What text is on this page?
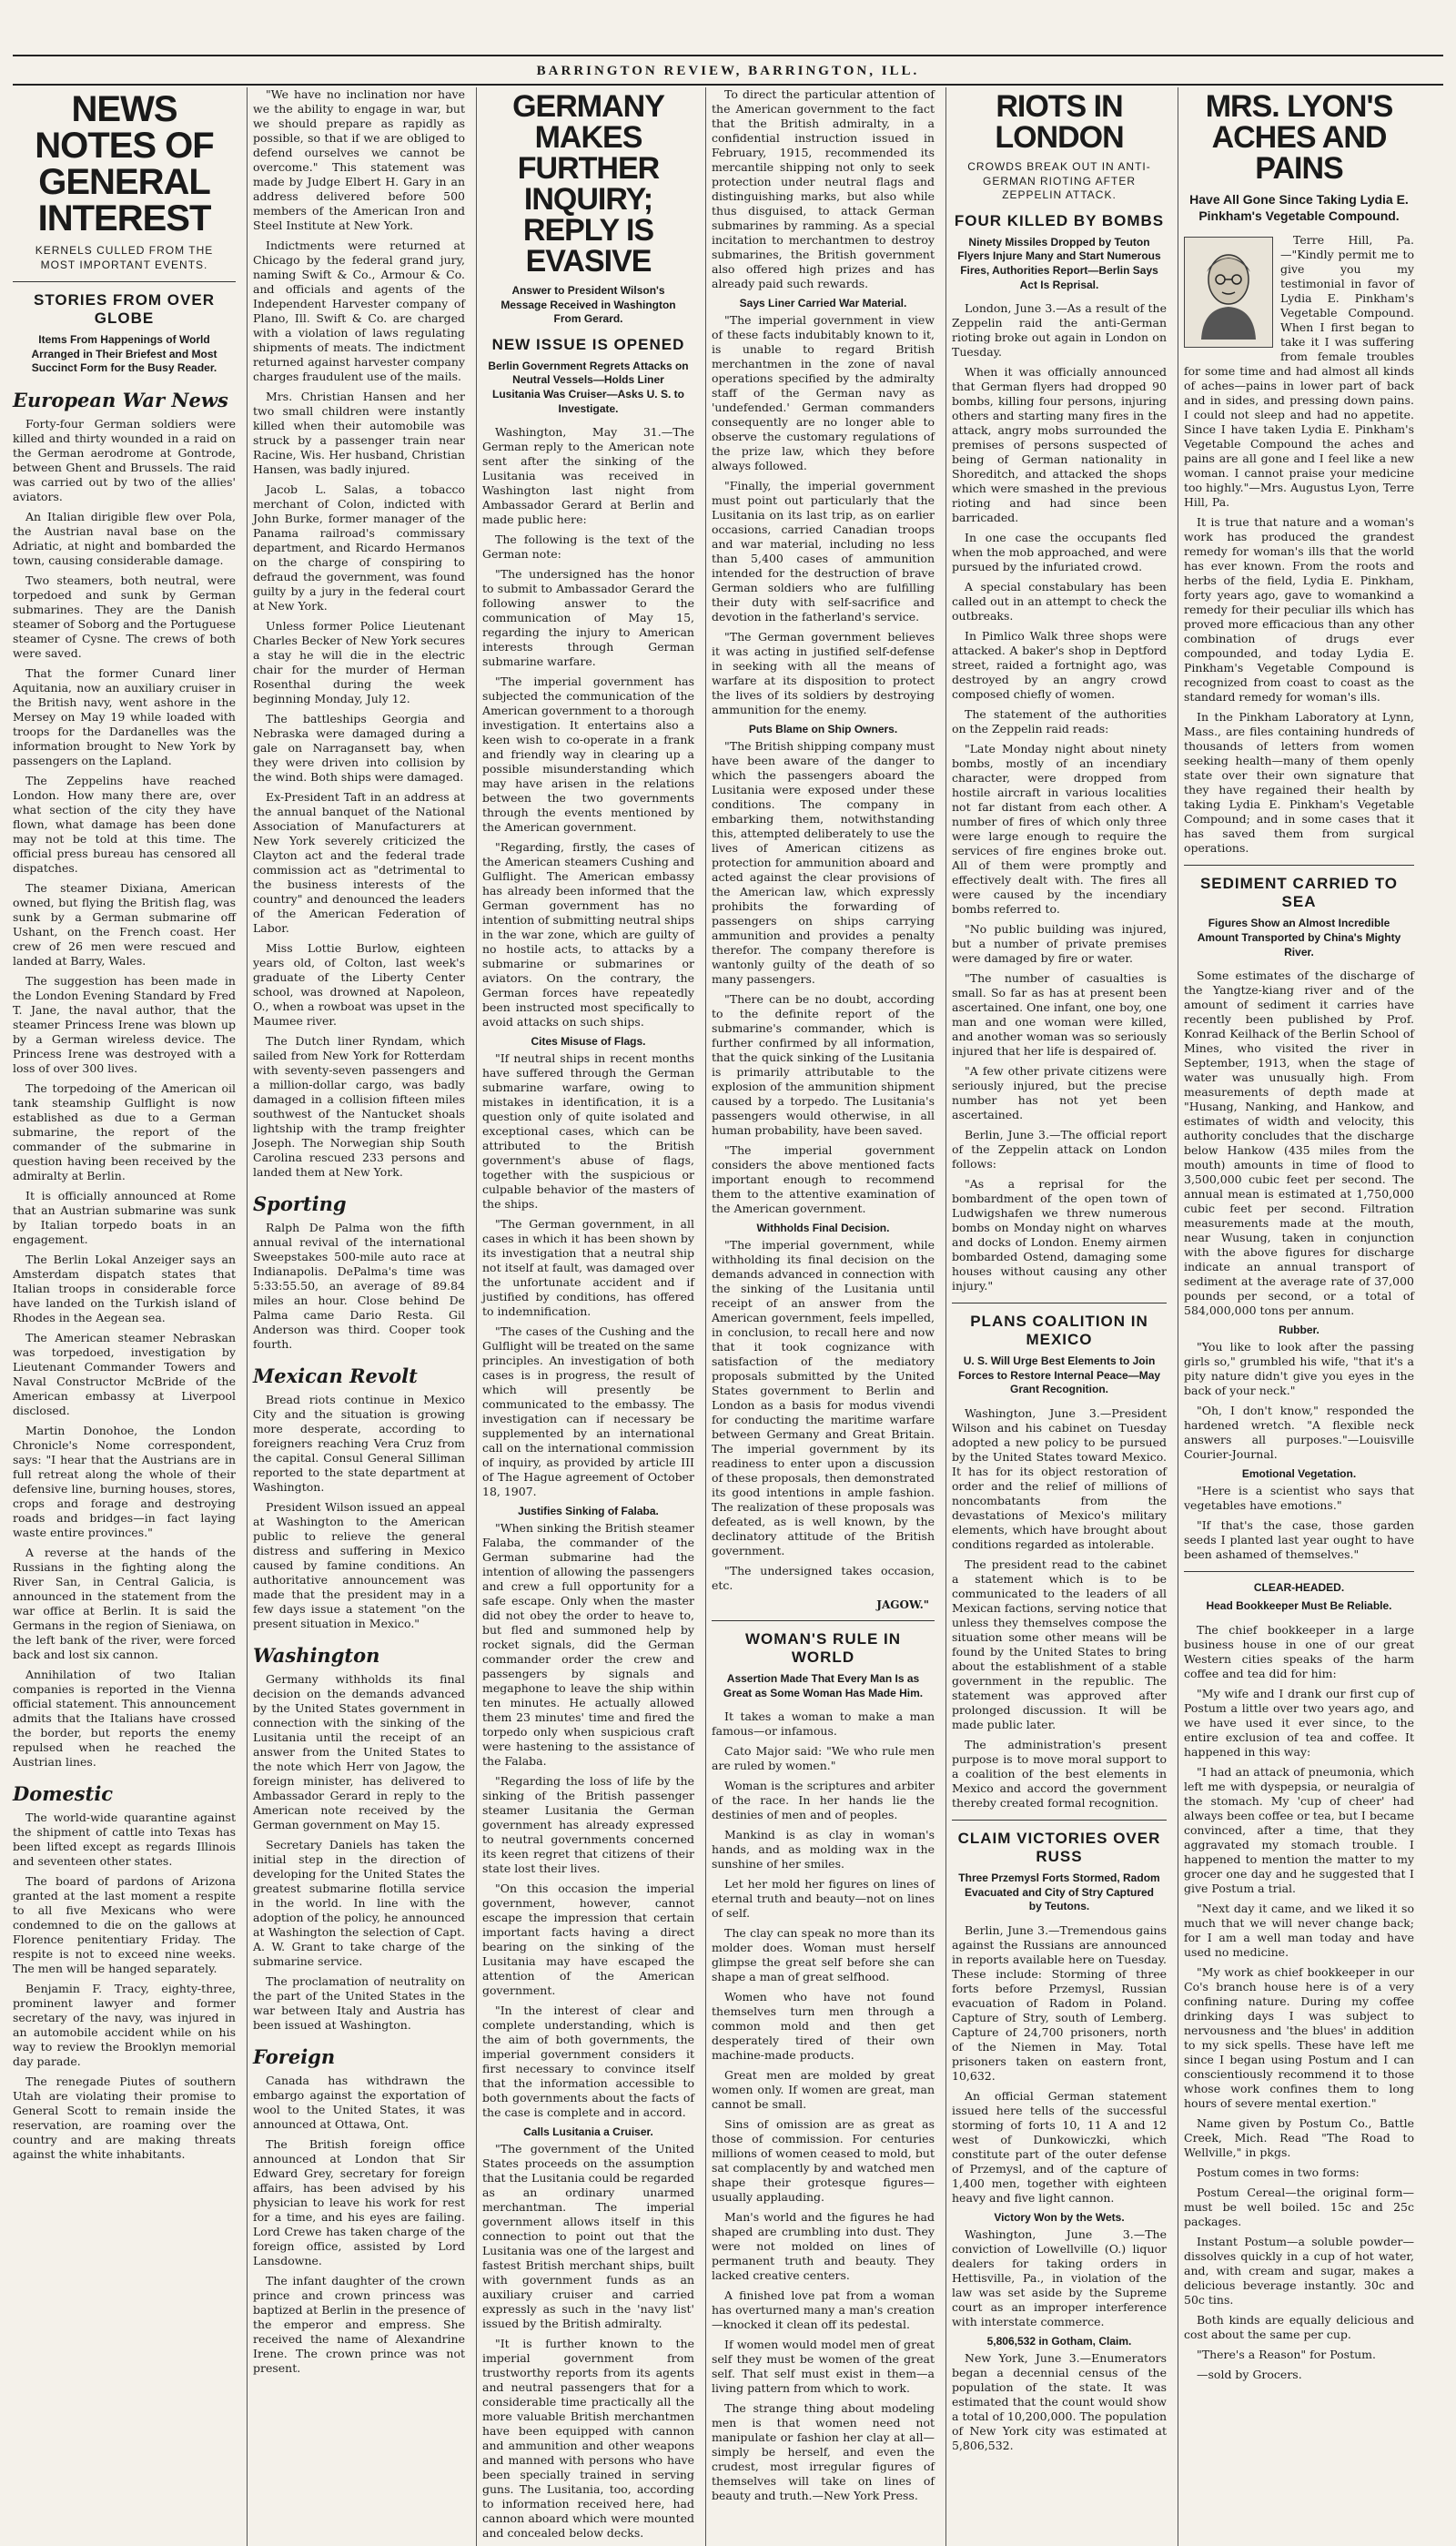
BARRINGTON REVIEW, BARRINGTON, ILL.
NEWS NOTES OF GENERAL INTEREST
KERNELS CULLED FROM THE MOST IMPORTANT EVENTS.
STORIES FROM OVER GLOBE
Items From Happenings of World Arranged in Their Briefest and Most Succinct Form for the Busy Reader.
European War News

Forty-four German soldiers were killed and thirty wounded in a raid on the German aerodrome at Gontrode, between Ghent and Brussels. The raid was carried out by two of the allies' aviators.

An Italian dirigible flew over Pola, the Austrian naval base on the Adriatic, at night and bombarded the town, causing considerable damage.

Two steamers, both neutral, were torpedoed and sunk by German submarines. They are the Danish steamer of Soborg and the Portuguese steamer of Cysne. The crews of both were saved.

That the former Cunard liner Aquitania, now an auxiliary cruiser in the British navy, went ashore in the Mersey on May 19 while loaded with troops for the Dardanelles was the information brought to New York by passengers on the Lapland.

The Zeppelins have reached London. How many there are, over what section of the city they have flown, what damage has been done may not be told at this time. The official press bureau has censored all dispatches.

The steamer Dixiana, American owned, but flying the British flag, was sunk by a German submarine off Ushant, on the French coast. Her crew of 26 men were rescued and landed at Barry, Wales.

The suggestion has been made in the London Evening Standard by Fred T. Jane, the naval author, that the steamer Princess Irene was blown up by a German wireless device. The Princess Irene was destroyed with a loss of over 300 lives.

The torpedoing of the American oil tank steamship Gulflight is now established as due to a German submarine, the report of the commander of the submarine in question having been received by the admiralty at Berlin.

It is officially announced at Rome that an Austrian submarine was sunk by Italian torpedo boats in an engagement.

The Berlin Lokal Anzeiger says an Amsterdam dispatch states that Italian troops in considerable force have landed on the Turkish island of Rhodes in the Aegean sea.

The American steamer Nebraskan was torpedoed, investigation by Lieutenant Commander Towers and Naval Constructor McBride of the American embassy at Liverpool disclosed.

Martin Donohoe, the London Chronicle's Nome correspondent, says: "I hear that the Austrians are in full retreat along the whole of their defensive line, burning houses, stores, crops and forage and destroying roads and bridges—in fact laying waste entire provinces."

A reverse at the hands of the Russians in the fighting along the River San, in Central Galicia, is announced in the statement from the war office at Berlin. It is said the Germans in the region of Sieniawa, on the left bank of the river, were forced back and lost six cannon.

Annihilation of two Italian companies is reported in the Vienna official statement. This announcement admits that the Italians have crossed the border, but reports the enemy repulsed when he reached the Austrian lines.

Domestic

The world-wide quarantine against the shipment of cattle into Texas has been lifted except as regards Illinois and seventeen other states.

The board of pardons of Arizona granted at the last moment a respite to all five Mexicans who were condemned to die on the gallows at Florence penitentiary Friday. The respite is not to exceed nine weeks. The men will be hanged separately.

Benjamin F. Tracy, eighty-three, prominent lawyer and former secretary of the navy, was injured in an automobile accident while on his way to review the Brooklyn memorial day parade.

The renegade Piutes of southern Utah are violating their promise to General Scott to remain inside the reservation, are roaming over the country and are making threats against the white inhabitants.

"We have no inclination nor have we the ability to engage in war, but we should prepare as rapidly as possible, so that if we are obliged to defend ourselves we cannot be overcome." This statement was made by Judge Elbert H. Gary in an address delivered before 500 members of the American Iron and Steel Institute at New York.

Indictments were returned at Chicago by the federal grand jury, naming Swift & Co., Armour & Co. and officials and agents of the Independent Harvester company of Plano, Ill. Swift & Co. are charged with a violation of laws regulating shipments of meats. The indictment returned against harvester company charges fraudulent use of the mails.

Mrs. Christian Hansen and her two small children were instantly killed when their automobile was struck by a passenger train near Racine, Wis. Her husband, Christian Hansen, was badly injured.

Jacob L. Salas, a tobacco merchant of Colon, indicted with John Burke, former manager of the Panama railroad's commissary department, and Ricardo Hermanos on the charge of conspiring to defraud the government, was found guilty by a jury in the federal court at New York.

Unless former Police Lieutenant Charles Becker of New York secures a stay he will die in the electric chair for the murder of Herman Rosenthal during the week beginning Monday, July 12.

The battleships Georgia and Nebraska were damaged during a gale on Narragansett bay, when they were driven into collision by the wind. Both ships were damaged.

Ex-President Taft in an address at the annual banquet of the National Association of Manufacturers at New York severely criticized the Clayton act and the federal trade commission act as "detrimental to the business interests of the country" and denounced the leaders of the American Federation of Labor.

Miss Lottie Burlow, eighteen years old, of Colton, last week's graduate of the Liberty Center school, was drowned at Napoleon, O., when a rowboat was upset in the Maumee river.

The Dutch liner Ryndam, which sailed from New York for Rotterdam with seventy-seven passengers and a million-dollar cargo, was badly damaged in a collision fifteen miles southwest of the Nantucket shoals lightship with the tramp freighter Joseph. The Norwegian ship South Carolina rescued 233 persons and landed them at New York.

Sporting

Ralph De Palma won the fifth annual revival of the international Sweepstakes 500-mile auto race at Indianapolis. DePalma's time was 5:33:55.50, an average of 89.84 miles an hour. Close behind De Palma came Dario Resta. Gil Anderson was third. Cooper took fourth.

Mexican Revolt

Bread riots continue in Mexico City and the situation is growing more desperate, according to foreigners reaching Vera Cruz from the capital. Consul General Silliman reported to the state department at Washington.

President Wilson issued an appeal at Washington to the American public to relieve the general distress and suffering in Mexico caused by famine conditions. An authoritative announcement was made that the president may in a few days issue a statement "on the present situation in Mexico."

Washington

Germany withholds its final decision on the demands advanced by the United States government in connection with the sinking of the Lusitania until the receipt of an answer from the United States to the note which Herr von Jagow, the foreign minister, has delivered to Ambassador Gerard in reply to the American note received by the German government on May 15.

Secretary Daniels has taken the initial step in the direction of developing for the United States the greatest submarine flotilla service in the world. In line with the adoption of the policy, he announced at Washington the selection of Capt. A. W. Grant to take charge of the submarine service.

The proclamation of neutrality on the part of the United States in the war between Italy and Austria has been issued at Washington.

Foreign

Canada has withdrawn the embargo against the exportation of wool to the United States, it was announced at Ottawa, Ont.

The British foreign office announced at London that Sir Edward Grey, secretary for foreign affairs, has been advised by his physician to leave his work for rest for a time, and his eyes are failing. Lord Crewe has taken charge of the foreign office, assisted by Lord Lansdowne.

The infant daughter of the crown prince and crown princess was baptized at Berlin in the presence of the emperor and empress. She received the name of Alexandrine Irene. The crown prince was not present.

GERMANY MAKES FURTHER INQUIRY; REPLY IS EVASIVE
Answer to President Wilson's Message Received in Washington From Gerard.
NEW ISSUE IS OPENED
Berlin Government Regrets Attacks on Neutral Vessels—Holds Liner Lusitania Was Cruiser—Asks U. S. to Investigate.

Washington, May 31.—The German reply to the American note sent after the sinking of the Lusitania was received in Washington last night from Ambassador Gerard at Berlin and made public here:

The following is the text of the German note:

"The undersigned has the honor to submit to Ambassador Gerard the following answer to the communication of May 15, regarding the injury to American interests through German submarine warfare.

"The imperial government has subjected the communication of the American government to a thorough investigation. It entertains also a keen wish to co-operate in a frank and friendly way in clearing up a possible misunderstanding which may have arisen in the relations between the two governments through the events mentioned by the American government.

"Regarding, firstly, the cases of the American steamers Cushing and Gulflight. The American embassy has already been informed that the German government has no intention of submitting neutral ships in the war zone, which are guilty of no hostile acts, to attacks by a submarine or submarines or aviators. On the contrary, the German forces have repeatedly been instructed most specifically to avoid attacks on such ships.

Cites Misuse of Flags.

"If neutral ships in recent months have suffered through the German submarine warfare, owing to mistakes in identification, it is a question only of quite isolated and exceptional cases, which can be attributed to the British government's abuse of flags, together with the suspicious or culpable behavior of the masters of the ships.

"The German government, in all cases in which it has been shown by its investigation that a neutral ship not itself at fault, was damaged over the unfortunate accident and if justified by conditions, has offered to indemnification.

"The cases of the Cushing and the Gulflight will be treated on the same principles. An investigation of both cases is in progress, the result of which will presently be communicated to the embassy. The investigation can if necessary be supplemented by an international call on the international commission of inquiry, as provided by article III of The Hague agreement of October 18, 1907.

Justifies Sinking of Falaba.

"When sinking the British steamer Falaba, the commander of the German submarine had the intention of allowing the passengers and crew a full opportunity for a safe escape. Only when the master did not obey the order to heave to, but fled and summoned help by rocket signals, did the German commander order the crew and passengers by signals and megaphone to leave the ship within ten minutes. He actually allowed them 23 minutes' time and fired the torpedo only when suspicious craft were hastening to the assistance of the Falaba.

"Regarding the loss of life by the sinking of the British passenger steamer Lusitania the German government has already expressed to neutral governments concerned its keen regret that citizens of their state lost their lives.

"On this occasion the imperial government, however, cannot escape the impression that certain important facts having a direct bearing on the sinking of the Lusitania may have escaped the attention of the American government.

"In the interest of clear and complete understanding, which is the aim of both governments, the imperial government considers it first necessary to convince itself that the information accessible to both governments about the facts of the case is complete and in accord.

Calls Lusitania a Cruiser.

"The government of the United States proceeds on the assumption that the Lusitania could be regarded as an ordinary unarmed merchantman. The imperial government allows itself in this connection to point out that the Lusitania was one of the largest and fastest British merchant ships, built with government funds as an auxiliary cruiser and carried expressly as such in the 'navy list' issued by the British admiralty.

"It is further known to the imperial government from trustworthy reports from its agents and neutral passengers that for a considerable time practically all the more valuable British merchantmen have been equipped with cannon and ammunition and other weapons and manned with persons who have been specially trained in serving guns. The Lusitania, too, according to information received here, had cannon aboard which were mounted and concealed below decks.

To direct the particular attention of the American government to the fact that the British admiralty, in a confidential instruction issued in February, 1915, recommended its mercantile shipping not only to seek protection under neutral flags and distinguishing marks, but also while thus disguised, to attack German submarines by ramming. As a special incitation to merchantmen to destroy submarines, the British government also offered high prizes and has already paid such rewards.

Says Liner Carried War Material.

"The imperial government in view of these facts indubitably known to it, is unable to regard British merchantmen in the zone of naval operations specified by the admiralty staff of the German navy as 'undefended.' German commanders consequently are no longer able to observe the customary regulations of the prize law, which they before always followed.

"Finally, the imperial government must point out particularly that the Lusitania on its last trip, as on earlier occasions, carried Canadian troops and war material, including no less than 5,400 cases of ammunition intended for the destruction of brave German soldiers who are fulfilling their duty with self-sacrifice and devotion in the fatherland's service.

"The German government believes it was acting in justified self-defense in seeking with all the means of warfare at its disposition to protect the lives of its soldiers by destroying ammunition for the enemy.

Puts Blame on Ship Owners.

"The British shipping company must have been aware of the danger to which the passengers aboard the Lusitania were exposed under these conditions. The company in embarking them, notwithstanding this, attempted deliberately to use the lives of American citizens as protection for ammunition aboard and acted against the clear provisions of the American law, which expressly prohibits the forwarding of passengers on ships carrying ammunition and provides a penalty therefor. The company therefore is wantonly guilty of the death of so many passengers.

"There can be no doubt, according to the definite report of the submarine's commander, which is further confirmed by all information, that the quick sinking of the Lusitania is primarily attributable to the explosion of the ammunition shipment caused by a torpedo. The Lusitania's passengers would otherwise, in all human probability, have been saved.

"The imperial government considers the above mentioned facts important enough to recommend them to the attentive examination of the American government.

Withholds Final Decision.

"The imperial government, while withholding its final decision on the demands advanced in connection with the sinking of the Lusitania until receipt of an answer from the American government, feels impelled, in conclusion, to recall here and now that it took cognizance with satisfaction of the mediatory proposals submitted by the United States government to Berlin and London as a basis for modus vivendi for conducting the maritime warfare between Germany and Great Britain. The imperial government by its readiness to enter upon a discussion of these proposals, then demonstrated its good intentions in ample fashion. The realization of these proposals was defeated, as is well known, by the declinatory attitude of the British government.

"The undersigned takes occasion, etc.

JAGOW."
WOMAN'S RULE IN WORLD
Assertion Made That Every Man Is as Great as Some Woman Has Made Him.

It takes a woman to make a man famous—or infamous.

Cato Major said: "We who rule men are ruled by women."

Woman is the scriptures and arbiter of the race. In her hands lie the destinies of men and of peoples.

Mankind is as clay in woman's hands, and as molding wax in the sunshine of her smiles.

Let her mold her figures on lines of eternal truth and beauty—not on lines of self.

The clay can speak no more than its molder does. Woman must herself glimpse the great self before she can shape a man of great selfhood.

Women who have not found themselves turn men through a common mold and then get desperately tired of their own machine-made products.

Great men are molded by great women only. If women are great, man cannot be small.

Sins of omission are as great as those of commission. For centuries millions of women ceased to mold, but sat complacently by and watched men shape their grotesque figures—usually applauding.

Man's world and the figures he had shaped are crumbling into dust. They were not molded on lines of permanent truth and beauty. They lacked creative centers.

A finished love pat from a woman has overturned many a man's creation—knocked it clean off its pedestal.

If women would model men of great self they must be women of the great self. That self must exist in them—a living pattern from which to work.

The strange thing about modeling men is that women need not manipulate or fashion her clay at all—simply be herself, and even the crudest, most irregular figures of themselves will take on lines of beauty and truth.—New York Press.

RIOTS IN LONDON
CROWDS BREAK OUT IN ANTI-GERMAN RIOTING AFTER ZEPPELIN ATTACK.
FOUR KILLED BY BOMBS
Ninety Missiles Dropped by Teuton Flyers Injure Many and Start Numerous Fires, Authorities Report—Berlin Says Act Is Reprisal.

London, June 3.—As a result of the Zeppelin raid the anti-German rioting broke out again in London on Tuesday.

When it was officially announced that German flyers had dropped 90 bombs, killing four persons, injuring others and starting many fires in the attack, angry mobs surrounded the premises of persons suspected of being of German nationality in Shoreditch, and attacked the shops which were smashed in the previous rioting and had since been barricaded.

In one case the occupants fled when the mob approached, and were pursued by the infuriated crowd.

A special constabulary has been called out in an attempt to check the outbreaks.

In Pimlico Walk three shops were attacked. A baker's shop in Deptford street, raided a fortnight ago, was destroyed by an angry crowd composed chiefly of women.

The statement of the authorities on the Zeppelin raid reads:

"Late Monday night about ninety bombs, mostly of an incendiary character, were dropped from hostile aircraft in various localities not far distant from each other. A number of fires of which only three were large enough to require the services of fire engines broke out. All of them were promptly and effectively dealt with. The fires all were caused by the incendiary bombs referred to.

"No public building was injured, but a number of private premises were damaged by fire or water.

"The number of casualties is small. So far as has at present been ascertained. One infant, one boy, one man and one woman were killed, and another woman was so seriously injured that her life is despaired of.

"A few other private citizens were seriously injured, but the precise number has not yet been ascertained.

Berlin, June 3.—The official report of the Zeppelin attack on London follows:

"As a reprisal for the bombardment of the open town of Ludwigshafen we threw numerous bombs on Monday night on wharves and docks of London. Enemy airmen bombarded Ostend, damaging some houses without causing any other injury."

PLANS COALITION IN MEXICO
U. S. Will Urge Best Elements to Join Forces to Restore Internal Peace—May Grant Recognition.

Washington, June 3.—President Wilson and his cabinet on Tuesday adopted a new policy to be pursued by the United States toward Mexico. It has for its object restoration of order and the relief of millions of noncombatants from the devastations of Mexico's military elements, which have brought about conditions regarded as intolerable.

The president read to the cabinet a statement which is to be communicated to the leaders of all Mexican factions, serving notice that unless they themselves compose the situation some other means will be found by the United States to bring about the establishment of a stable government in the republic. The statement was approved after prolonged discussion. It will be made public later.

The administration's present purpose is to move moral support to a coalition of the best elements in Mexico and accord the government thereby created formal recognition.

CLAIM VICTORIES OVER RUSS
Three Przemysl Forts Stormed, Radom Evacuated and City of Stry Captured by Teutons.

Berlin, June 3.—Tremendous gains against the Russians are announced in reports available here on Tuesday. These include: Storming of three forts before Przemysl, Russian evacuation of Radom in Poland. Capture of Stry, south of Lemberg. Capture of 24,700 prisoners, north of the Niemen in May. Total prisoners taken on eastern front, 10,632.

An official German statement issued here tells of the successful storming of forts 10, 11 A and 12 west of Dunkowiczki, which constitute part of the outer defense of Przemysl, and of the capture of 1,400 men, together with eighteen heavy and five light cannon.

Victory Won by the Wets.

Washington, June 3.—The conviction of Lowellville (O.) liquor dealers for taking orders in Hettisville, Pa., in violation of the law was set aside by the Supreme court as an improper interference with interstate commerce.

5,806,532 in Gotham, Claim.

New York, June 3.—Enumerators began a decennial census of the population of the state. It was estimated that the count would show a total of 10,200,000. The population of New York city was estimated at 5,806,532.

MRS. LYON'S ACHES AND PAINS
Have All Gone Since Taking Lydia E. Pinkham's Vegetable Compound.

Terre Hill, Pa.—"Kindly permit me to give you my testimonial in favor of Lydia E. Pinkham's Vegetable Compound. When I first began to take it I was suffering from female troubles for some time and had almost all kinds of aches—pains in lower part of back and in sides, and pressing down pains. I could not sleep and had no appetite. Since I have taken Lydia E. Pinkham's Vegetable Compound the aches and pains are all gone and I feel like a new woman. I cannot praise your medicine too highly."—Mrs. Augustus Lyon, Terre Hill, Pa.

It is true that nature and a woman's work has produced the grandest remedy for woman's ills that the world has ever known. From the roots and herbs of the field, Lydia E. Pinkham, forty years ago, gave to womankind a remedy for their peculiar ills which has proved more efficacious than any other combination of drugs ever compounded, and today Lydia E. Pinkham's Vegetable Compound is recognized from coast to coast as the standard remedy for woman's ills.

In the Pinkham Laboratory at Lynn, Mass., are files containing hundreds of thousands of letters from women seeking health—many of them openly state over their own signature that they have regained their health by taking Lydia E. Pinkham's Vegetable Compound; and in some cases that it has saved them from surgical operations.

SEDIMENT CARRIED TO SEA
Figures Show an Almost Incredible Amount Transported by China's Mighty River.

Some estimates of the discharge of the Yangtze-kiang river and of the amount of sediment it carries have recently been published by Prof. Konrad Keilhack of the Berlin School of Mines, who visited the river in September, 1913, when the stage of water was unusually high. From measurements of depth made at "Husang, Nanking, and Hankow, and estimates of width and velocity, this authority concludes that the discharge below Hankow (435 miles from the mouth) amounts in time of flood to 3,500,000 cubic feet per second. The annual mean is estimated at 1,750,000 cubic feet per second. Filtration measurements made at the mouth, near Wusung, taken in conjunction with the above figures for discharge indicate an annual transport of sediment at the average rate of 37,000 pounds per second, or a total of 584,000,000 tons per annum.

Rubber.

"You like to look after the passing girls so," grumbled his wife, "that it's a pity nature didn't give you eyes in the back of your neck."

"Oh, I don't know," responded the hardened wretch. "A flexible neck answers all purposes."—Louisville Courier-Journal.

Emotional Vegetation.

"Here is a scientist who says that vegetables have emotions."

"If that's the case, those garden seeds I planted last year ought to have been ashamed of themselves."

CLEAR-HEADED.
Head Bookkeeper Must Be Reliable.

The chief bookkeeper in a large business house in one of our great Western cities speaks of the harm coffee and tea did for him:

"My wife and I drank our first cup of Postum a little over two years ago, and we have used it ever since, to the entire exclusion of tea and coffee. It happened in this way:

"I had an attack of pneumonia, which left me with dyspepsia, or neuralgia of the stomach. My 'cup of cheer' had always been coffee or tea, but I became convinced, after a time, that they aggravated my stomach trouble. I happened to mention the matter to my grocer one day and he suggested that I give Postum a trial.

"Next day it came, and we liked it so much that we will never change back; for I am a well man today and have used no medicine.

"My work as chief bookkeeper in our Co's branch house here is of a very confining nature. During my coffee drinking days I was subject to nervousness and 'the blues' in addition to my sick spells. These have left me since I began using Postum and I can conscientiously recommend it to those whose work confines them to long hours of severe mental exertion."

Name given by Postum Co., Battle Creek, Mich. Read "The Road to Wellville," in pkgs.

Postum comes in two forms:

Postum Cereal—the original form—must be well boiled. 15c and 25c packages.

Instant Postum—a soluble powder—dissolves quickly in a cup of hot water, and, with cream and sugar, makes a delicious beverage instantly. 30c and 50c tins.

Both kinds are equally delicious and cost about the same per cup.

"There's a Reason" for Postum.

—sold by Grocers.
